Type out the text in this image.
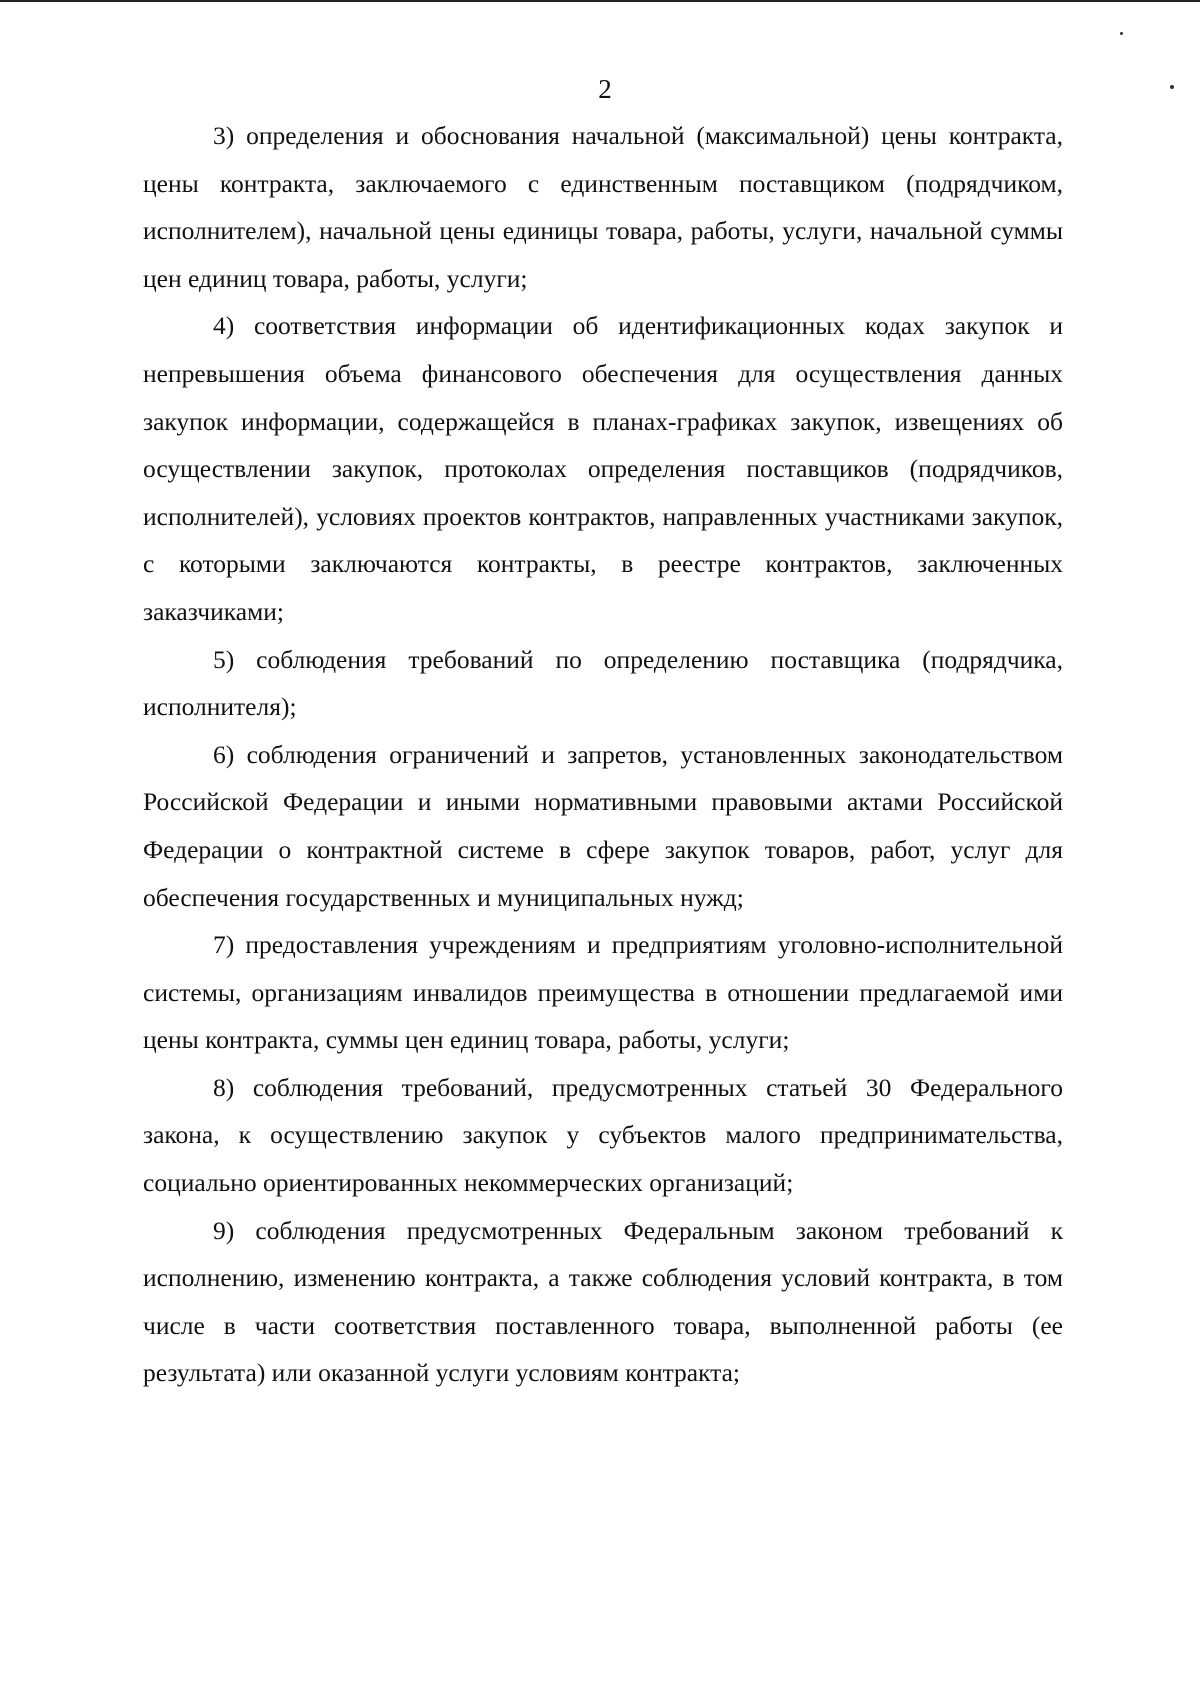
2

3) определения и обоснования начальной (максимальной) цены контракта, цены контракта, заключаемого с единственным поставщиком (подрядчиком, исполнителем), начальной цены единицы товара, работы, услуги, начальной суммы цен единиц товара, работы, услуги;

4) соответствия информации об идентификационных кодах закупок и непревышения объема финансового обеспечения для осуществления данных закупок информации, содержащейся в планах-графиках закупок, извещениях об осуществлении закупок, протоколах определения поставщиков (подрядчиков, исполнителей), условиях проектов контрактов, направленных участниками закупок, с которыми заключаются контракты, в реестре контрактов, заключенных заказчиками;

5) соблюдения требований по определению поставщика (подрядчика, исполнителя);

6) соблюдения ограничений и запретов, установленных законодательством Российской Федерации и иными нормативными правовыми актами Российской Федерации о контрактной системе в сфере закупок товаров, работ, услуг для обеспечения государственных и муниципальных нужд;

7) предоставления учреждениям и предприятиям уголовно-исполнительной системы, организациям инвалидов преимущества в отношении предлагаемой ими цены контракта, суммы цен единиц товара, работы, услуги;

8) соблюдения требований, предусмотренных статьей 30 Федерального закона, к осуществлению закупок у субъектов малого предпринимательства, социально ориентированных некоммерческих организаций;

9) соблюдения предусмотренных Федеральным законом требований к исполнению, изменению контракта, а также соблюдения условий контракта, в том числе в части соответствия поставленного товара, выполненной работы (ее результата) или оказанной услуги условиям контракта;
